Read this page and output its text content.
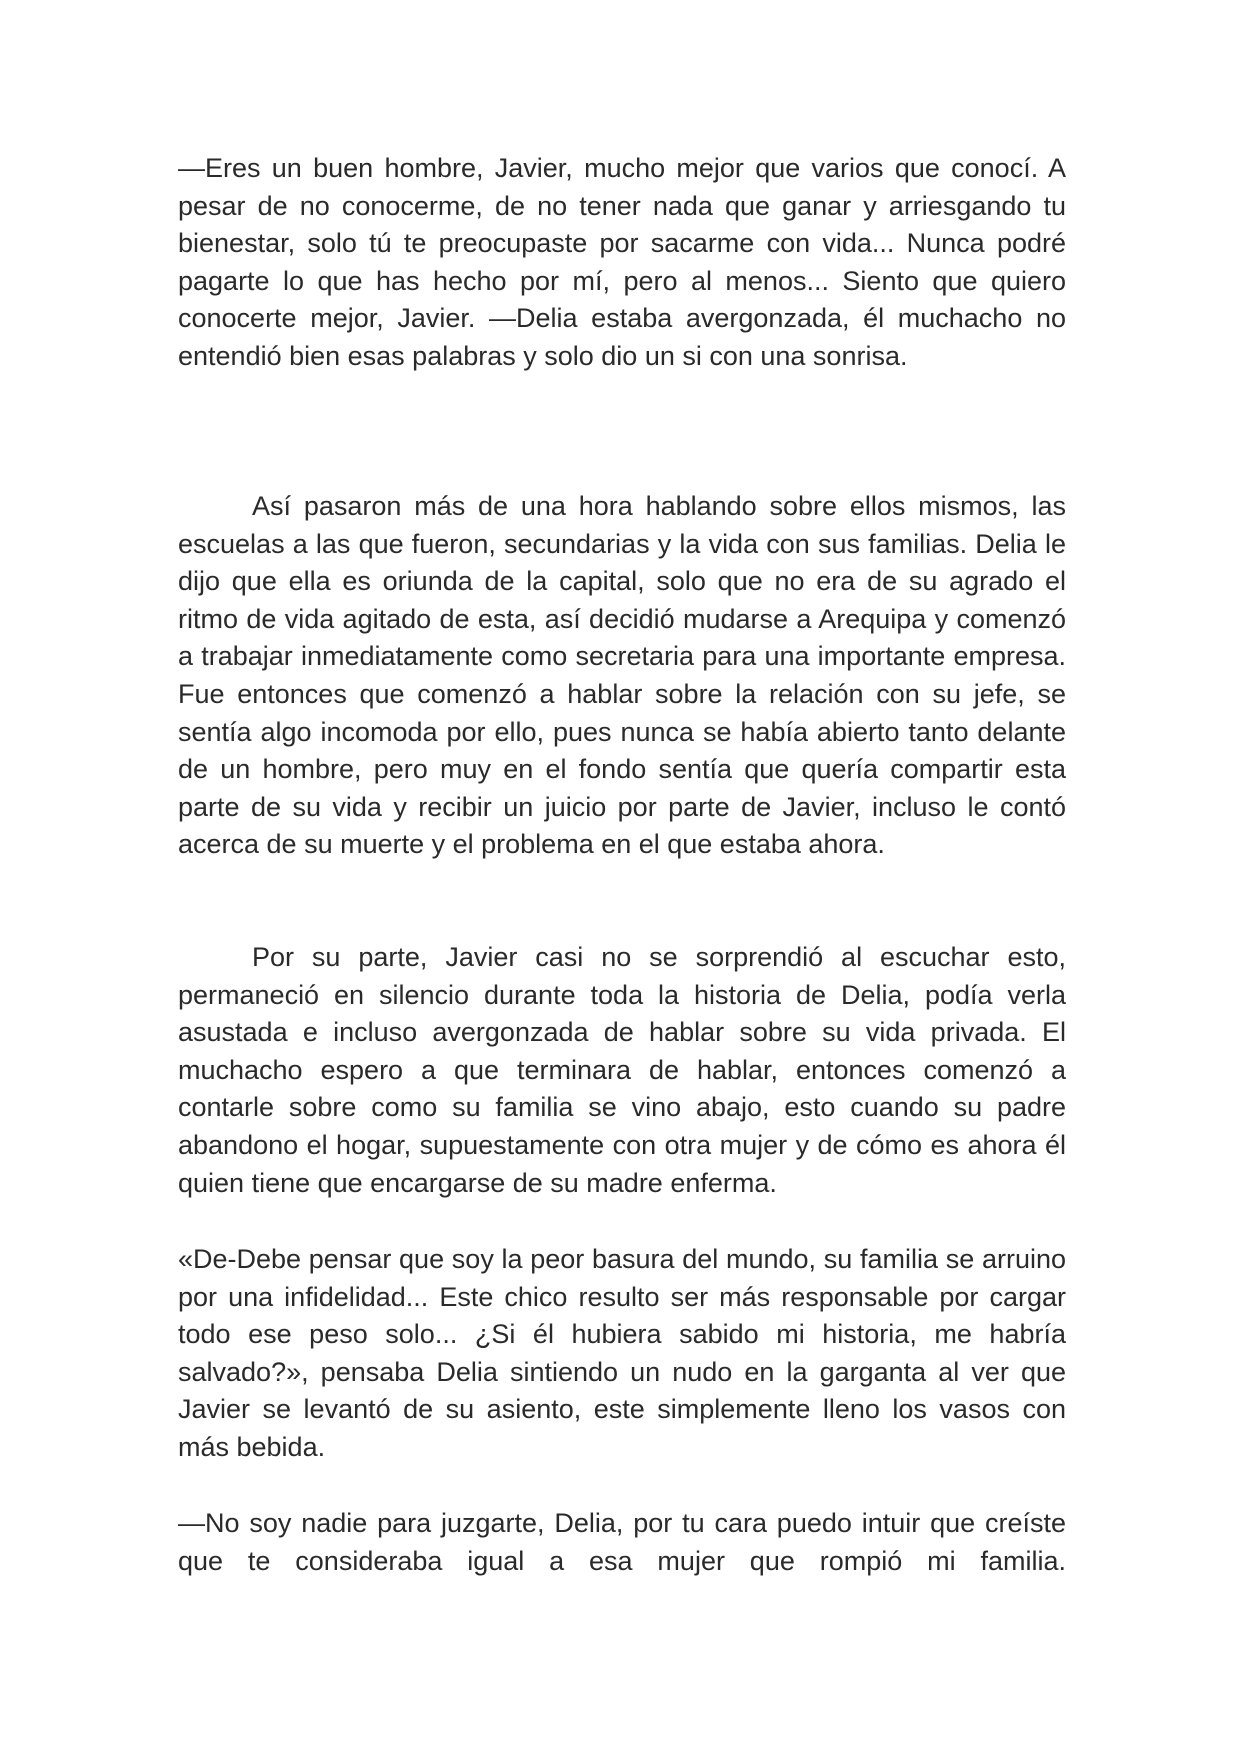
—Eres un buen hombre, Javier, mucho mejor que varios que conocí. A pesar de no conocerme, de no tener nada que ganar y arriesgando tu bienestar, solo tú te preocupaste por sacarme con vida... Nunca podré pagarte lo que has hecho por mí, pero al menos... Siento que quiero conocerte mejor, Javier. —Delia estaba avergonzada, él muchacho no entendió bien esas palabras y solo dio un si con una sonrisa.

Así pasaron más de una hora hablando sobre ellos mismos, las escuelas a las que fueron, secundarias y la vida con sus familias. Delia le dijo que ella es oriunda de la capital, solo que no era de su agrado el ritmo de vida agitado de esta, así decidió mudarse a Arequipa y comenzó a trabajar inmediatamente como secretaria para una importante empresa. Fue entonces que comenzó a hablar sobre la relación con su jefe, se sentía algo incomoda por ello, pues nunca se había abierto tanto delante de un hombre, pero muy en el fondo sentía que quería compartir esta parte de su vida y recibir un juicio por parte de Javier, incluso le contó acerca de su muerte y el problema en el que estaba ahora.

Por su parte, Javier casi no se sorprendió al escuchar esto, permaneció en silencio durante toda la historia de Delia, podía verla asustada e incluso avergonzada de hablar sobre su vida privada. El muchacho espero a que terminara de hablar, entonces comenzó a contarle sobre como su familia se vino abajo, esto cuando su padre abandono el hogar, supuestamente con otra mujer y de cómo es ahora él quien tiene que encargarse de su madre enferma.

«De-Debe pensar que soy la peor basura del mundo, su familia se arruino por una infidelidad... Este chico resulto ser más responsable por cargar todo ese peso solo... ¿Si él hubiera sabido mi historia, me habría salvado?», pensaba Delia sintiendo un nudo en la garganta al ver que Javier se levantó de su asiento, este simplemente lleno los vasos con más bebida.

—No soy nadie para juzgarte, Delia, por tu cara puedo intuir que creíste que te consideraba igual a esa mujer que rompió mi familia.
